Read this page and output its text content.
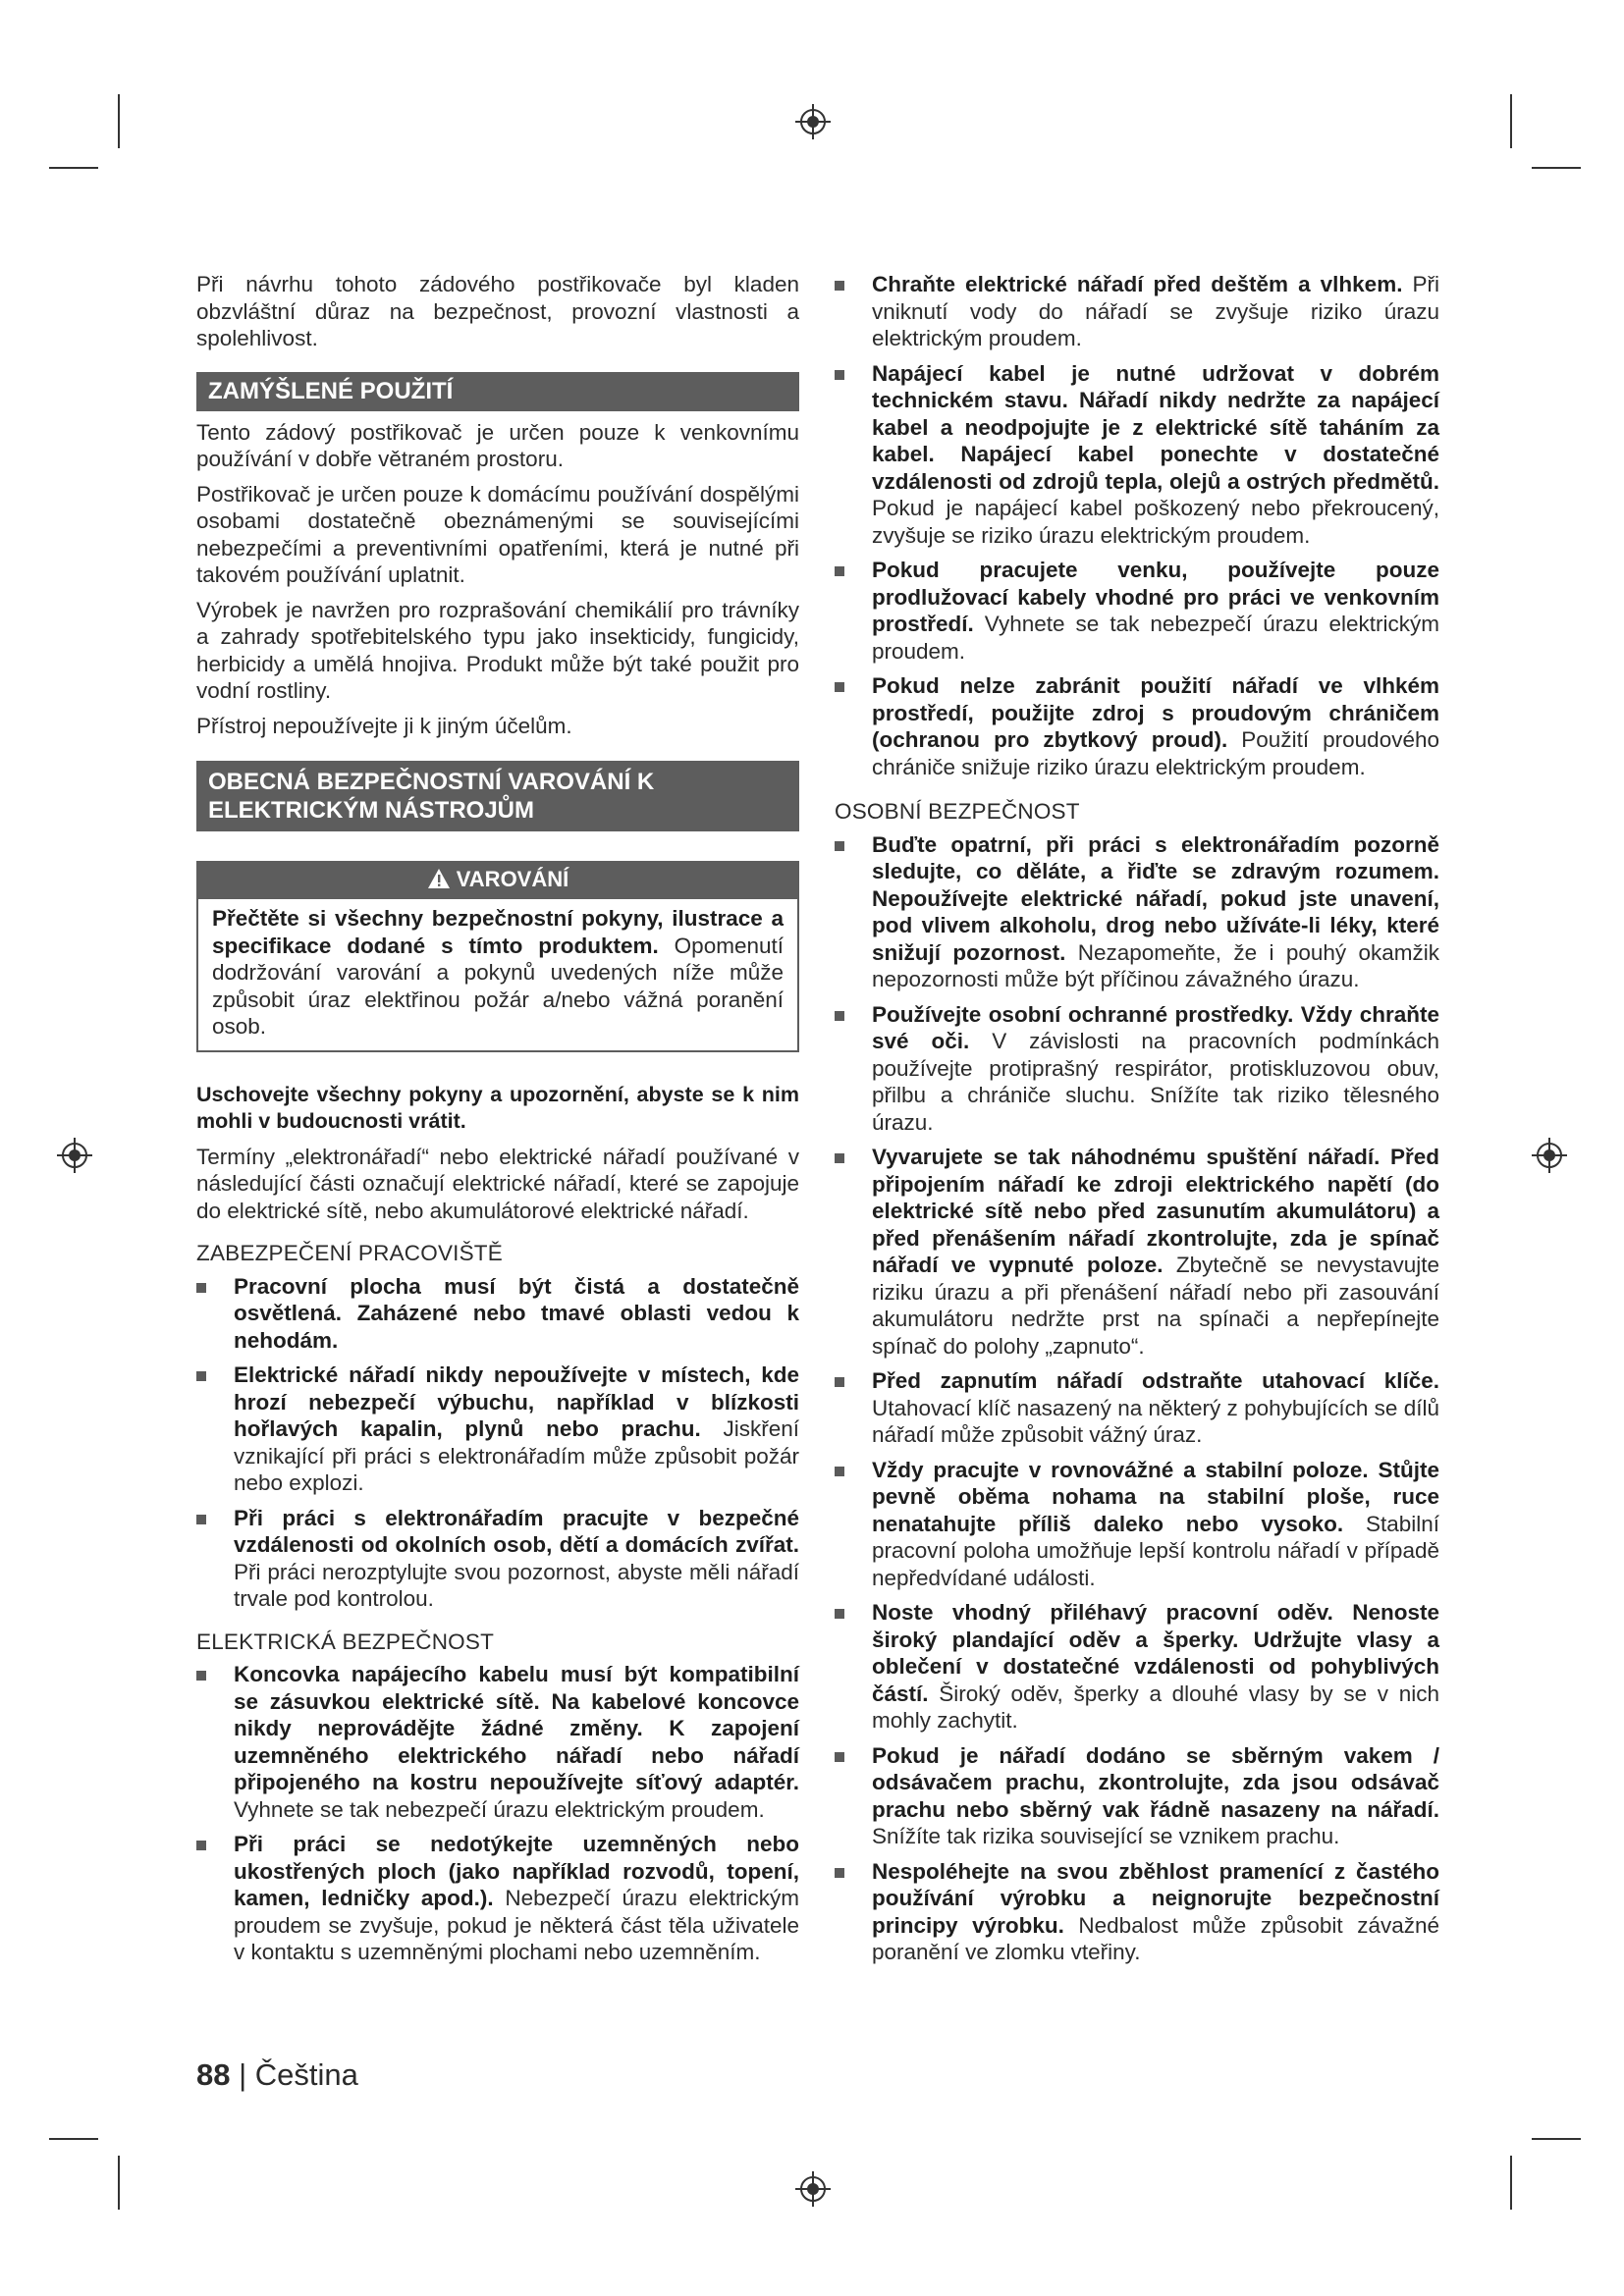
Při návrhu tohoto zádového postřikovače byl kladen obzvláštní důraz na bezpečnost, provozní vlastnosti a spolehlivost.

ZAMÝŠLENÉ POUŽITÍ

Tento zádový postřikovač je určen pouze k venkovnímu používání v dobře větraném prostoru.

Postřikovač je určen pouze k domácímu používání dospělými osobami dostatečně obeznámenými se souvisejícími nebezpečími a preventivními opatřeními, která je nutné při takovém používání uplatnit.

Výrobek je navržen pro rozprašování chemikálií pro trávníky a zahrady spotřebitelského typu jako insekticidy, fungicidy, herbicidy a umělá hnojiva. Produkt může být také použit pro vodní rostliny.

Přístroj nepoužívejte ji k jiným účelům.

OBECNÁ BEZPEČNOSTNÍ VAROVÁNÍ K
ELEKTRICKÝM NÁSTROJŮM
VAROVÁNÍ
Přečtěte si všechny bezpečnostní pokyny, ilustrace a specifikace dodané s tímto produktem. Opomenutí dodržování varování a pokynů uvedených níže může způsobit úraz elektřinou požár a/nebo vážná poranění osob.

Uschovejte všechny pokyny a upozornění, abyste se k nim mohli v budoucnosti vrátit.

Termíny „elektronářadí“ nebo elektrické nářadí používané v následující části označují elektrické nářadí, které se zapojuje do elektrické sítě, nebo akumulátorové elektrické nářadí.

ZABEZPEČENÍ PRACOVIŠTĚ
Pracovní plocha musí být čistá a dostatečně osvětlená. Zaházené nebo tmavé oblasti vedou k nehodám.
Elektrické nářadí nikdy nepoužívejte v místech, kde hrozí nebezpečí výbuchu, například v blízkosti hořlavých kapalin, plynů nebo prachu. Jiskření vznikající při práci s elektronářadím může způsobit požár nebo explozi.
Při práci s elektronářadím pracujte v bezpečné vzdálenosti od okolních osob, dětí a domácích zvířat. Při práci nerozptylujte svou pozornost, abyste měli nářadí trvale pod kontrolou.
ELEKTRICKÁ BEZPEČNOST
Koncovka napájecího kabelu musí být kompatibilní se zásuvkou elektrické sítě. Na kabelové koncovce nikdy neprovádějte žádné změny. K zapojení uzemněného elektrického nářadí nebo nářadí připojeného na kostru nepoužívejte síťový adaptér. Vyhnete se tak nebezpečí úrazu elektrickým proudem.
Při práci se nedotýkejte uzemněných nebo ukostřených ploch (jako například rozvodů, topení, kamen, ledničky apod.). Nebezpečí úrazu elektrickým proudem se zvyšuje, pokud je některá část těla uživatele v kontaktu s uzemněnými plochami nebo uzemněním.
Chraňte elektrické nářadí před deštěm a vlhkem. Při vniknutí vody do nářadí se zvyšuje riziko úrazu elektrickým proudem.
Napájecí kabel je nutné udržovat v dobrém technickém stavu. Nářadí nikdy nedržte za napájecí kabel a neodpojujte je z elektrické sítě taháním za kabel. Napájecí kabel ponechte v dostatečné vzdálenosti od zdrojů tepla, olejů a ostrých předmětů. Pokud je napájecí kabel poškozený nebo překroucený, zvyšuje se riziko úrazu elektrickým proudem.
Pokud pracujete venku, používejte pouze prodlužovací kabely vhodné pro práci ve venkovním prostředí. Vyhnete se tak nebezpečí úrazu elektrickým proudem.
Pokud nelze zabránit použití nářadí ve vlhkém prostředí, použijte zdroj s proudovým chráničem (ochranou pro zbytkový proud). Použití proudového chrániče snižuje riziko úrazu elektrickým proudem.
OSOBNÍ BEZPEČNOST
Buďte opatrní, při práci s elektronářadím pozorně sledujte, co děláte, a řiďte se zdravým rozumem. Nepoužívejte elektrické nářadí, pokud jste unavení, pod vlivem alkoholu, drog nebo užíváte-li léky, které snižují pozornost. Nezapomeňte, že i pouhý okamžik nepozornosti může být příčinou závažného úrazu.
Používejte osobní ochranné prostředky. Vždy chraňte své oči. V závislosti na pracovních podmínkách používejte protiprašný respirátor, protiskluzovou obuv, přilbu a chrániče sluchu. Snížíte tak riziko tělesného úrazu.
Vyvarujete se tak náhodnému spuštění nářadí. Před připojením nářadí ke zdroji elektrického napětí (do elektrické sítě nebo před zasunutím akumulátoru) a před přenášením nářadí zkontrolujte, zda je spínač nářadí ve vypnuté poloze. Zbytečně se nevystavujte riziku úrazu a při přenášení nářadí nebo při zasouvání akumulátoru nedržte prst na spínači a nepřepínejte spínač do polohy „zapnuto“.
Před zapnutím nářadí odstraňte utahovací klíče. Utahovací klíč nasazený na některý z pohybujících se dílů nářadí může způsobit vážný úraz.
Vždy pracujte v rovnovážné a stabilní poloze. Stůjte pevně oběma nohama na stabilní ploše, ruce nenatahujte příliš daleko nebo vysoko. Stabilní pracovní poloha umožňuje lepší kontrolu nářadí v případě nepředvídané události.
Noste vhodný přiléhavý pracovní oděv. Nenoste široký plandající oděv a šperky. Udržujte vlasy a oblečení v dostatečné vzdálenosti od pohyblivých částí. Široký oděv, šperky a dlouhé vlasy by se v nich mohly zachytit.
Pokud je nářadí dodáno se sběrným vakem / odsávačem prachu, zkontrolujte, zda jsou odsávač prachu nebo sběrný vak řádně nasazeny na nářadí. Snížíte tak rizika související se vznikem prachu.
Nespoléhejte na svou zběhlost pramenící z častého používání výrobku a neignorujte bezpečnostní principy výrobku. Nedbalost může způsobit závažné poranění ve zlomku vteřiny.
88 | Čeština
